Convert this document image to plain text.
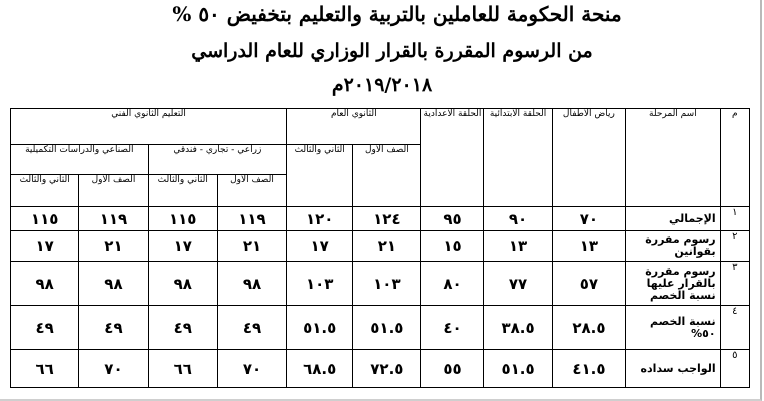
منحة الحكومة للعاملين بالتربية والتعليم بتخفيض ٥٠ %
من الرسوم المقررة بالقرار الوزاري للعام الدراسي
٢٠١٩/٢٠١٨م
م	اسم المرحلة	رياض الأطفال	الحلقة الابتدائية	الحلقة الاعدادية	الثانوي العام		التعليم الثانوي الفني			
					الصف الأول	الثاني والثالث	زراعي - تجاري - فندقي		الصناعي والدراسات التكميلية	
							الصف الأول	الثاني والثالث	الصف الأول	الثاني والثالث
١	الإجمالي	٧٠	٩٠	٩٥	١٢٤	١٢٠	١١٩	١١٥	١١٩	١١٥
٢	رسوم مقررة بقوانين	١٣	١٣	١٥	٢١	١٧	٢١	١٧	٢١	١٧
٣	رسوم مقررة بالقرار عليها نسبة الخصم	٥٧	٧٧	٨٠	١٠٣	١٠٣	٩٨	٩٨	٩٨	٩٨
٤	نسبة الخصم ٥٠%	٢٨.٥	٣٨.٥	٤٠	٥١.٥	٥١.٥	٤٩	٤٩	٤٩	٤٩
٥	الواجب سداده	٤١.٥	٥١.٥	٥٥	٧٢.٥	٦٨.٥	٧٠	٦٦	٧٠	٦٦
